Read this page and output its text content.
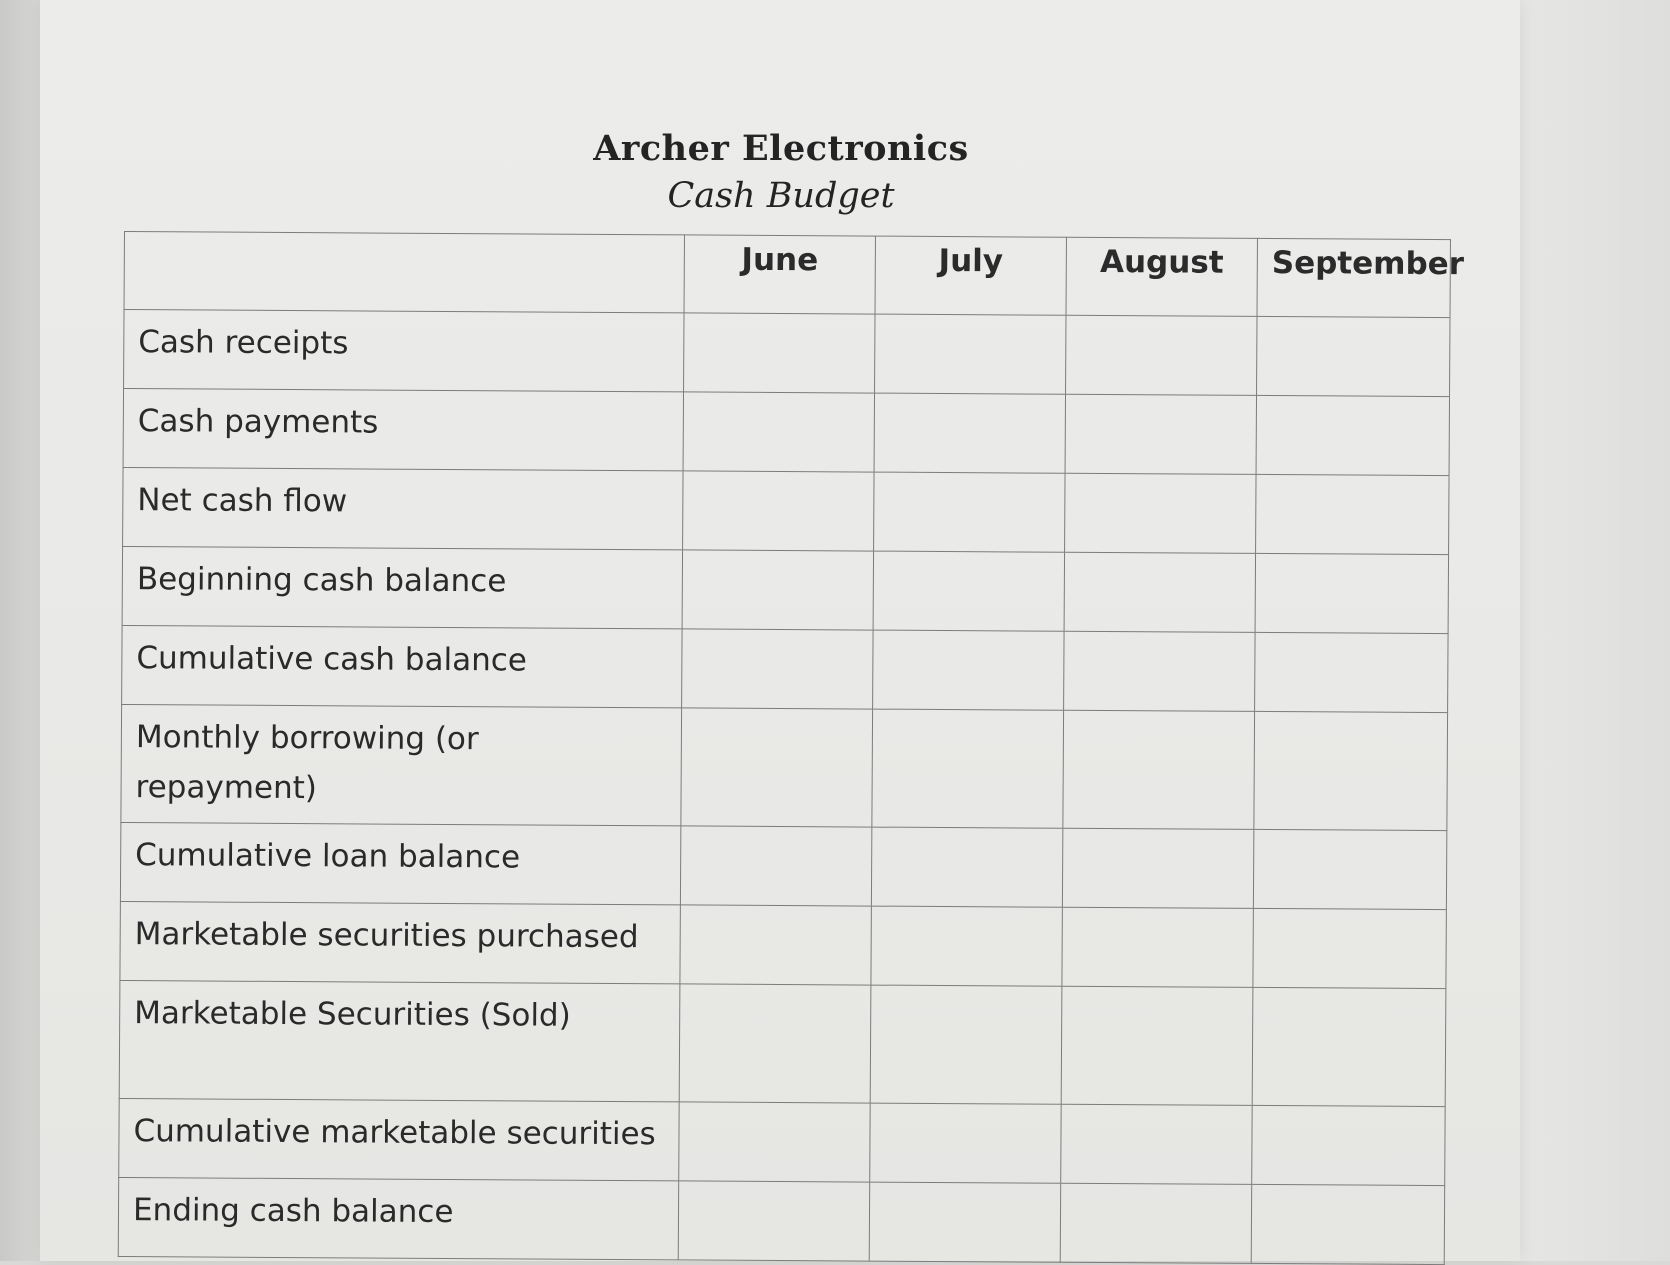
Archer Electronics
Cash Budget
	June	July	August	September
Cash receipts				
Cash payments				
Net cash flow				
Beginning cash balance				
Cumulative cash balance				
Monthly borrowing (or repayment)				
Cumulative loan balance				
Marketable securities purchased				
Marketable Securities (Sold)				
Cumulative marketable securities				
Ending cash balance				
